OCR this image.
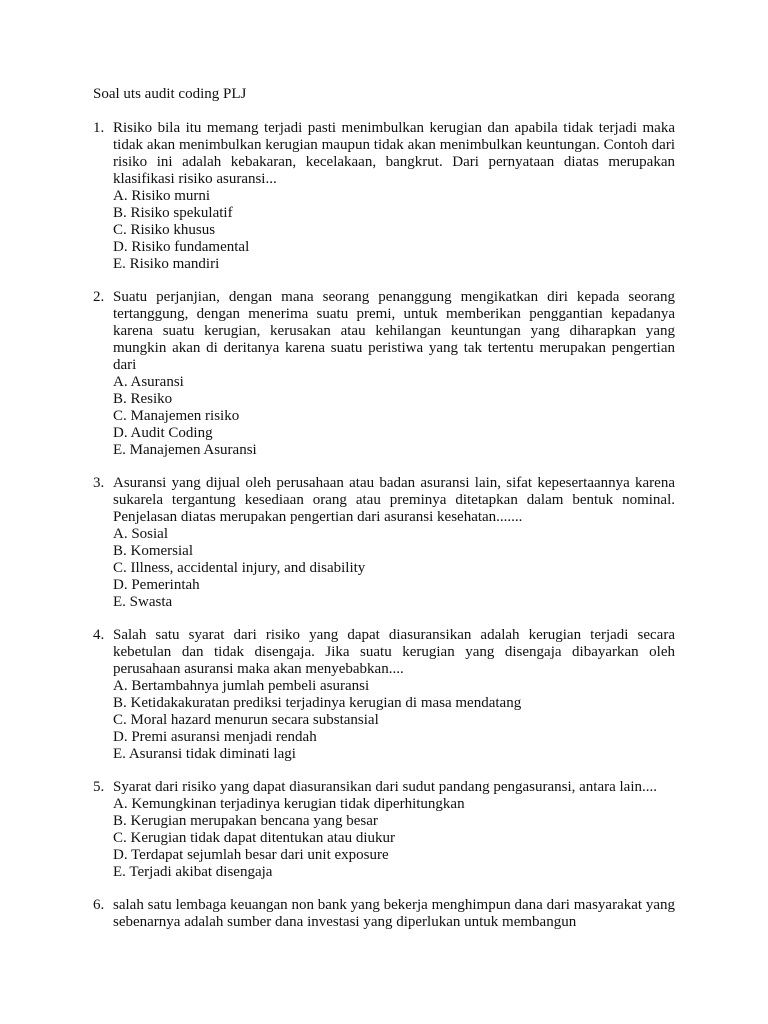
Soal uts audit coding PLJ
1. Risiko bila itu memang terjadi pasti menimbulkan kerugian dan apabila tidak terjadi maka tidak akan menimbulkan kerugian maupun tidak akan menimbulkan keuntungan. Contoh dari risiko ini adalah kebakaran, kecelakaan, bangkrut. Dari pernyataan diatas merupakan klasifikasi risiko asuransi...
A. Risiko murni
B. Risiko spekulatif
C. Risiko khusus
D. Risiko fundamental
E. Risiko mandiri
2. Suatu perjanjian, dengan mana seorang penanggung mengikatkan diri kepada seorang tertanggung, dengan menerima suatu premi, untuk memberikan penggantian kepadanya karena suatu kerugian, kerusakan atau kehilangan keuntungan yang diharapkan yang mungkin akan di deritanya karena suatu peristiwa yang tak tertentu merupakan pengertian dari
A. Asuransi
B. Resiko
C. Manajemen risiko
D. Audit Coding
E. Manajemen Asuransi
3. Asuransi yang dijual oleh perusahaan atau badan asuransi lain, sifat kepesertaannya karena sukarela tergantung kesediaan orang atau preminya ditetapkan dalam bentuk nominal. Penjelasan diatas merupakan pengertian dari asuransi kesehatan.......
A. Sosial
B. Komersial
C. Illness, accidental injury, and disability
D. Pemerintah
E. Swasta
4. Salah satu syarat dari risiko yang dapat diasuransikan adalah kerugian terjadi secara kebetulan dan tidak disengaja. Jika suatu kerugian yang disengaja dibayarkan oleh perusahaan asuransi maka akan menyebabkan....
A. Bertambahnya jumlah pembeli asuransi
B. Ketidakakuratan prediksi terjadinya kerugian di masa mendatang
C. Moral hazard menurun secara substansial
D. Premi asuransi menjadi rendah
E. Asuransi tidak diminati lagi
5. Syarat dari risiko yang dapat diasuransikan dari sudut pandang pengasuransi, antara lain....
A. Kemungkinan terjadinya kerugian tidak diperhitungkan
B. Kerugian merupakan bencana yang besar
C. Kerugian tidak dapat ditentukan atau diukur
D. Terdapat sejumlah besar dari unit exposure
E. Terjadi akibat disengaja
6. salah satu lembaga keuangan non bank yang bekerja menghimpun dana dari masyarakat yang sebenarnya adalah sumber dana investasi yang diperlukan untuk membangun
